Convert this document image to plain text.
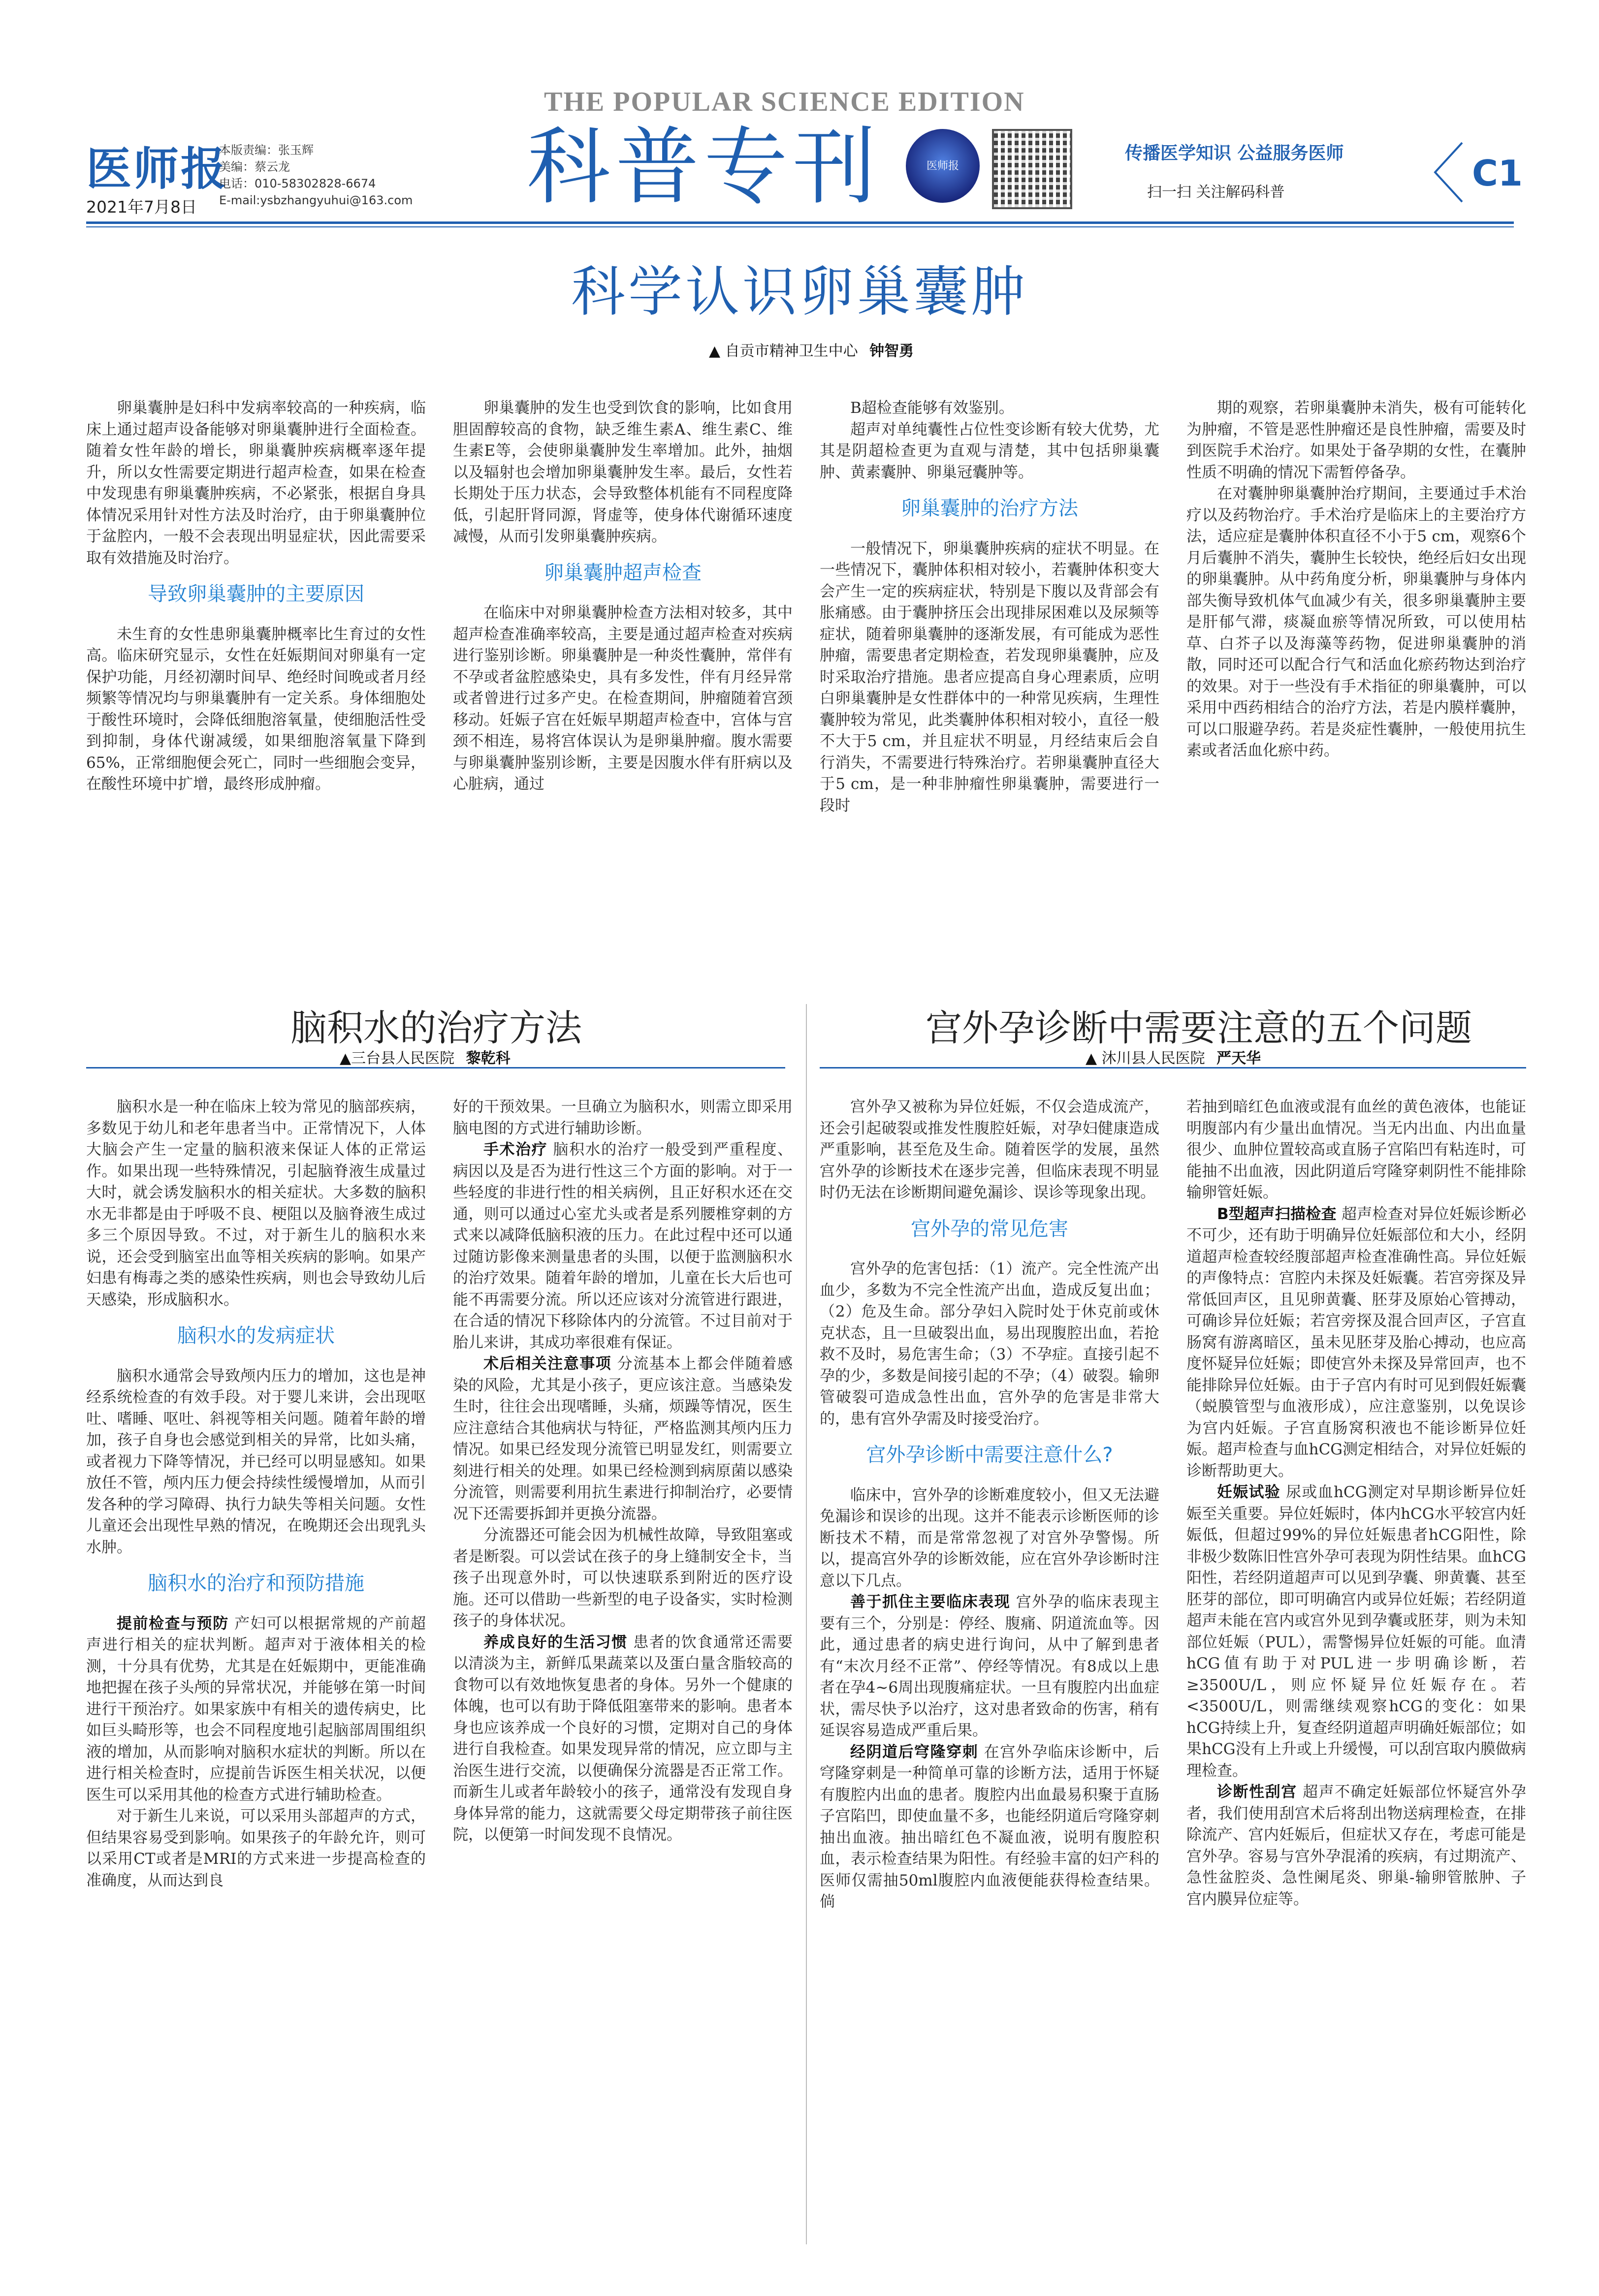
医师报
2021年7月8日
本版责编：张玉辉
美编：蔡云龙
电话：010-58302828-6674
E-mail:ysbzhangyuhui@163.com
THE POPULAR SCIENCE EDITION
科普专刊	医师报
传播医学知识 公益服务医师
扫一扫 关注解码科普	C1
科学认识卵巢囊肿
▲ 自贡市精神卫生中心 钟智勇

卵巢囊肿是妇科中发病率较高的一种疾病，临床上通过超声设备能够对卵巢囊肿进行全面检查。随着女性年龄的增长，卵巢囊肿疾病概率逐年提升，所以女性需要定期进行超声检查，如果在检查中发现患有卵巢囊肿疾病，不必紧张，根据自身具体情况采用针对性方法及时治疗，由于卵巢囊肿位于盆腔内，一般不会表现出明显症状，因此需要采取有效措施及时治疗。

导致卵巢囊肿的主要原因

未生育的女性患卵巢囊肿概率比生育过的女性高。临床研究显示，女性在妊娠期间对卵巢有一定保护功能，月经初潮时间早、绝经时间晚或者月经频繁等情况均与卵巢囊肿有一定关系。身体细胞处于酸性环境时，会降低细胞溶氧量，使细胞活性受到抑制，身体代谢减缓，如果细胞溶氧量下降到65%，正常细胞便会死亡，同时一些细胞会变异，在酸性环境中扩增，最终形成肿瘤。

卵巢囊肿的发生也受到饮食的影响，比如食用胆固醇较高的食物，缺乏维生素A、维生素C、维生素E等，会使卵巢囊肿发生率增加。此外，抽烟以及辐射也会增加卵巢囊肿发生率。最后，女性若长期处于压力状态，会导致整体机能有不同程度降低，引起肝肾同源，肾虚等，使身体代谢循环速度减慢，从而引发卵巢囊肿疾病。

卵巢囊肿超声检查

在临床中对卵巢囊肿检查方法相对较多，其中超声检查准确率较高，主要是通过超声检查对疾病进行鉴别诊断。卵巢囊肿是一种炎性囊肿，常伴有不孕或者盆腔感染史，具有多发性，伴有月经异常或者曾进行过多产史。在检查期间，肿瘤随着宫颈移动。妊娠子宫在妊娠早期超声检查中，宫体与宫颈不相连，易将宫体误认为是卵巢肿瘤。腹水需要与卵巢囊肿鉴别诊断，主要是因腹水伴有肝病以及心脏病，通过

B超检查能够有效鉴别。

超声对单纯囊性占位性变诊断有较大优势，尤其是阴超检查更为直观与清楚，其中包括卵巢囊肿、黄素囊肿、卵巢冠囊肿等。

卵巢囊肿的治疗方法

一般情况下，卵巢囊肿疾病的症状不明显。在一些情况下，囊肿体积相对较小，若囊肿体积变大会产生一定的疾病症状，特别是下腹以及背部会有胀痛感。由于囊肿挤压会出现排尿困难以及尿频等症状，随着卵巢囊肿的逐渐发展，有可能成为恶性肿瘤，需要患者定期检查，若发现卵巢囊肿，应及时采取治疗措施。患者应提高自身心理素质，应明白卵巢囊肿是女性群体中的一种常见疾病，生理性囊肿较为常见，此类囊肿体积相对较小，直径一般不大于5 cm，并且症状不明显，月经结束后会自行消失，不需要进行特殊治疗。若卵巢囊肿直径大于5 cm，是一种非肿瘤性卵巢囊肿，需要进行一段时

期的观察，若卵巢囊肿未消失，极有可能转化为肿瘤，不管是恶性肿瘤还是良性肿瘤，需要及时到医院手术治疗。如果处于备孕期的女性，在囊肿性质不明确的情况下需暂停备孕。

在对囊肿卵巢囊肿治疗期间，主要通过手术治疗以及药物治疗。手术治疗是临床上的主要治疗方法，适应症是囊肿体积直径不小于5 cm，观察6个月后囊肿不消失，囊肿生长较快，绝经后妇女出现的卵巢囊肿。从中药角度分析，卵巢囊肿与身体内部失衡导致机体气血减少有关，很多卵巢囊肿主要是肝郁气滞，痰凝血瘀等情况所致，可以使用枯草、白芥子以及海藻等药物，促进卵巢囊肿的消散，同时还可以配合行气和活血化瘀药物达到治疗的效果。对于一些没有手术指征的卵巢囊肿，可以采用中西药相结合的治疗方法，若是内膜样囊肿，可以口服避孕药。若是炎症性囊肿，一般使用抗生素或者活血化瘀中药。

脑积水的治疗方法
▲三台县人民医院 黎乾科

脑积水是一种在临床上较为常见的脑部疾病，多数见于幼儿和老年患者当中。正常情况下，人体大脑会产生一定量的脑积液来保证人体的正常运作。如果出现一些特殊情况，引起脑脊液生成量过大时，就会诱发脑积水的相关症状。大多数的脑积水无非都是由于呼吸不良、梗阻以及脑脊液生成过多三个原因导致。不过，对于新生儿的脑积水来说，还会受到脑室出血等相关疾病的影响。如果产妇患有梅毒之类的感染性疾病，则也会导致幼儿后天感染，形成脑积水。

脑积水的发病症状

脑积水通常会导致颅内压力的增加，这也是神经系统检查的有效手段。对于婴儿来讲，会出现呕吐、嗜睡、呕吐、斜视等相关问题。随着年龄的增加，孩子自身也会感觉到相关的异常，比如头痛，或者视力下降等情况，并已经可以明显感知。如果放任不管，颅内压力便会持续性缓慢增加，从而引发各种的学习障碍、执行力缺失等相关问题。女性儿童还会出现性早熟的情况，在晚期还会出现乳头水肿。

脑积水的治疗和预防措施

提前检查与预防 产妇可以根据常规的产前超声进行相关的症状判断。超声对于液体相关的检测，十分具有优势，尤其是在妊娠期中，更能准确地把握在孩子头颅的异常状况，并能够在第一时间进行干预治疗。如果家族中有相关的遗传病史，比如巨头畸形等，也会不同程度地引起脑部周围组织液的增加，从而影响对脑积水症状的判断。所以在进行相关检查时，应提前告诉医生相关状况，以便医生可以采用其他的检查方式进行辅助检查。

对于新生儿来说，可以采用头部超声的方式，但结果容易受到影响。如果孩子的年龄允许，则可以采用CT或者是MRI的方式来进一步提高检查的准确度，从而达到良

好的干预效果。一旦确立为脑积水，则需立即采用脑电图的方式进行辅助诊断。

手术治疗 脑积水的治疗一般受到严重程度、病因以及是否为进行性这三个方面的影响。对于一些轻度的非进行性的相关病例，且正好积水还在交通，则可以通过心室尤头或者是系列腰椎穿刺的方式来以减降低脑积液的压力。在此过程中还可以通过随访影像来测量患者的头围，以便于监测脑积水的治疗效果。随着年龄的增加，儿童在长大后也可能不再需要分流。所以还应该对分流管进行跟进，在合适的情况下移除体内的分流管。不过目前对于胎儿来讲，其成功率很难有保证。

术后相关注意事项 分流基本上都会伴随着感染的风险，尤其是小孩子，更应该注意。当感染发生时，往往会出现嗜睡，头痛，烦躁等情况，医生应注意结合其他病状与特征，严格监测其颅内压力情况。如果已经发现分流管已明显发红，则需要立刻进行相关的处理。如果已经检测到病原菌以感染分流管，则需要利用抗生素进行抑制治疗，必要情况下还需要拆卸并更换分流器。

分流器还可能会因为机械性故障，导致阻塞或者是断裂。可以尝试在孩子的身上缝制安全卡，当孩子出现意外时，可以快速联系到附近的医疗设施。还可以借助一些新型的电子设备实，实时检测孩子的身体状况。

养成良好的生活习惯 患者的饮食通常还需要以清淡为主，新鲜瓜果蔬菜以及蛋白量含脂较高的食物可以有效地恢复患者的身体。另外一个健康的体魄，也可以有助于降低阻塞带来的影响。患者本身也应该养成一个良好的习惯，定期对自己的身体进行自我检查。如果发现异常的情况，应立即与主治医生进行交流，以便确保分流器是否正常工作。而新生儿或者年龄较小的孩子，通常没有发现自身身体异常的能力，这就需要父母定期带孩子前往医院，以便第一时间发现不良情况。

宫外孕诊断中需要注意的五个问题
▲ 沐川县人民医院 严天华

宫外孕又被称为异位妊娠，不仅会造成流产，还会引起破裂或推发性腹腔妊娠，对孕妇健康造成严重影响，甚至危及生命。随着医学的发展，虽然宫外孕的诊断技术在逐步完善，但临床表现不明显时仍无法在诊断期间避免漏诊、误诊等现象出现。

宫外孕的常见危害

宫外孕的危害包括：（1）流产。完全性流产出血少，多数为不完全性流产出血，造成反复出血；（2）危及生命。部分孕妇入院时处于休克前或休克状态，且一旦破裂出血，易出现腹腔出血，若抢救不及时，易危害生命；（3）不孕症。直接引起不孕的少，多数是间接引起的不孕；（4）破裂。输卵管破裂可造成急性出血，宫外孕的危害是非常大的，患有宫外孕需及时接受治疗。

宫外孕诊断中需要注意什么?

临床中，宫外孕的诊断难度较小，但又无法避免漏诊和误诊的出现。这并不能表示诊断医师的诊断技术不精，而是常常忽视了对宫外孕警惕。所以，提高宫外孕的诊断效能，应在宫外孕诊断时注意以下几点。

善于抓住主要临床表现 宫外孕的临床表现主要有三个，分别是：停经、腹痛、阴道流血等。因此，通过患者的病史进行询问，从中了解到患者有“末次月经不正常”、停经等情况。有8成以上患者在孕4~6周出现腹痛症状。一旦有腹腔内出血症状，需尽快予以治疗，这对患者致命的伤害，稍有延误容易造成严重后果。

经阴道后穹隆穿刺 在宫外孕临床诊断中，后穹隆穿刺是一种简单可靠的诊断方法，适用于怀疑有腹腔内出血的患者。腹腔内出血最易积聚于直肠子宫陷凹，即使血量不多，也能经阴道后穹隆穿刺抽出血液。抽出暗红色不凝血液，说明有腹腔积血，表示检查结果为阳性。有经验丰富的妇产科的医师仅需抽50ml腹腔内血液便能获得检查结果。倘

若抽到暗红色血液或混有血丝的黄色液体，也能证明腹部内有少量出血情况。当无内出血、内出血量很少、血肿位置较高或直肠子宫陷凹有粘连时，可能抽不出血液，因此阴道后穹隆穿刺阴性不能排除输卵管妊娠。

B型超声扫描检查 超声检查对异位妊娠诊断必不可少，还有助于明确异位妊娠部位和大小，经阴道超声检查较经腹部超声检查准确性高。异位妊娠的声像特点：宫腔内未探及妊娠囊。若宫旁探及异常低回声区，且见卵黄囊、胚芽及原始心管搏动，可确诊异位妊娠；若宫旁探及混合回声区，子宫直肠窝有游离暗区，虽未见胚芽及胎心搏动，也应高度怀疑异位妊娠；即使宫外未探及异常回声，也不能排除异位妊娠。由于子宫内有时可见到假妊娠囊（蜕膜管型与血液形成），应注意鉴别，以免误诊为宫内妊娠。子宫直肠窝积液也不能诊断异位妊娠。超声检查与血hCG测定相结合，对异位妊娠的诊断帮助更大。

妊娠试验 尿或血hCG测定对早期诊断异位妊娠至关重要。异位妊娠时，体内hCG水平较宫内妊娠低，但超过99%的异位妊娠患者hCG阳性，除非极少数陈旧性宫外孕可表现为阴性结果。血hCG阳性，若经阴道超声可以见到孕囊、卵黄囊、甚至胚芽的部位，即可明确宫内或异位妊娠；若经阴道超声未能在宫内或宫外见到孕囊或胚芽，则为未知部位妊娠（PUL），需警惕异位妊娠的可能。血清hCG值有助于对PUL进一步明确诊断，若≥3500U/L，则应怀疑异位妊娠存在。若<3500U/L，则需继续观察hCG的变化：如果hCG持续上升，复查经阴道超声明确妊娠部位；如果hCG没有上升或上升缓慢，可以刮宫取内膜做病理检查。

诊断性刮宫 超声不确定妊娠部位怀疑宫外孕者，我们使用刮宫术后将刮出物送病理检查，在排除流产、宫内妊娠后，但症状又存在，考虑可能是宫外孕。容易与宫外孕混淆的疾病，有过期流产、急性盆腔炎、急性阑尾炎、卵巢-输卵管脓肿、子宫内膜异位症等。
